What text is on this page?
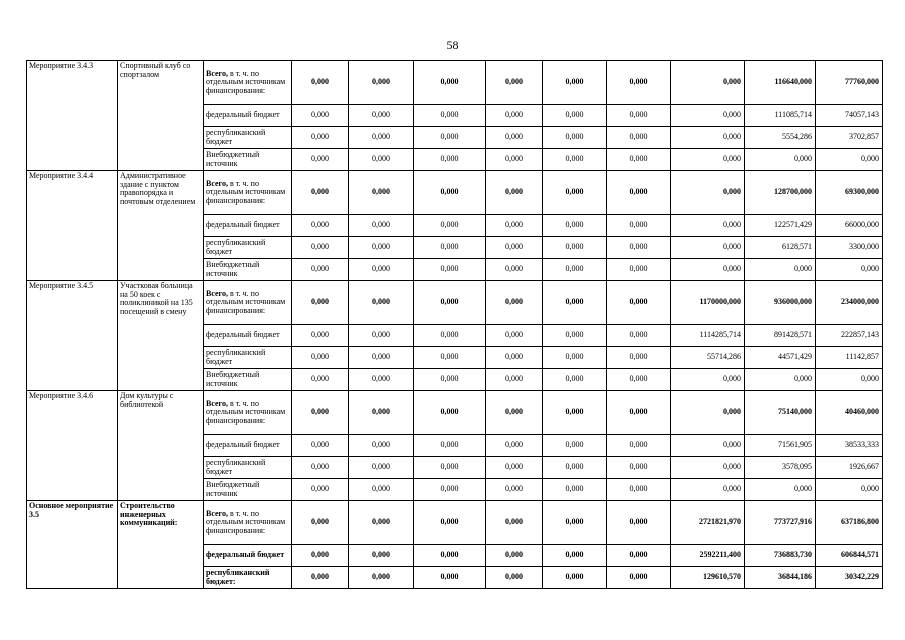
58
Мероприятие 3.4.3	Спортивный клуб со спортзалом	Всего, в т. ч. по отдельным источникам финансирования:	0,000	0,000	0,000	0,000	0,000	0,000	0,000	116640,000	77760,000
		федеральный бюджет	0,000	0,000	0,000	0,000	0,000	0,000	0,000	111085,714	74057,143
		республиканский бюджет	0,000	0,000	0,000	0,000	0,000	0,000	0,000	5554,286	3702,857
		Внебюджетный источник	0,000	0,000	0,000	0,000	0,000	0,000	0,000	0,000	0,000
Мероприятие 3.4.4	Административное здание с пунктом правопорядка и почтовым отделением	Всего, в т. ч. по отдельным источникам финансирования:	0,000	0,000	0,000	0,000	0,000	0,000	0,000	128700,000	69300,000
		федеральный бюджет	0,000	0,000	0,000	0,000	0,000	0,000	0,000	122571,429	66000,000
		республиканский бюджет	0,000	0,000	0,000	0,000	0,000	0,000	0,000	6128,571	3300,000
		Внебюджетный источник	0,000	0,000	0,000	0,000	0,000	0,000	0,000	0,000	0,000
Мероприятие 3.4.5	Участковая больница на 50 коек с поликлиникой на 135 посещений в смену	Всего, в т. ч. по отдельным источникам финансирования:	0,000	0,000	0,000	0,000	0,000	0,000	1170000,000	936000,000	234000,000
		федеральный бюджет	0,000	0,000	0,000	0,000	0,000	0,000	1114285,714	891428,571	222857,143
		республиканский бюджет	0,000	0,000	0,000	0,000	0,000	0,000	55714,286	44571,429	11142,857
		Внебюджетный источник	0,000	0,000	0,000	0,000	0,000	0,000	0,000	0,000	0,000
Мероприятие 3.4.6	Дом культуры с библиотекой	Всего, в т. ч. по отдельным источникам финансирования:	0,000	0,000	0,000	0,000	0,000	0,000	0,000	75140,000	40460,000
		федеральный бюджет	0,000	0,000	0,000	0,000	0,000	0,000	0,000	71561,905	38533,333
		республиканский бюджет	0,000	0,000	0,000	0,000	0,000	0,000	0,000	3578,095	1926,667
		Внебюджетный источник	0,000	0,000	0,000	0,000	0,000	0,000	0,000	0,000	0,000
Основное мероприятие 3.5	Строительство инженерных коммуникаций:	Всего, в т. ч. по отдельным источникам финансирования:	0,000	0,000	0,000	0,000	0,000	0,000	2721821,970	773727,916	637186,800
		федеральный бюджет	0,000	0,000	0,000	0,000	0,000	0,000	2592211,400	736883,730	606844,571
		республиканский бюджет:	0,000	0,000	0,000	0,000	0,000	0,000	129610,570	36844,186	30342,229
